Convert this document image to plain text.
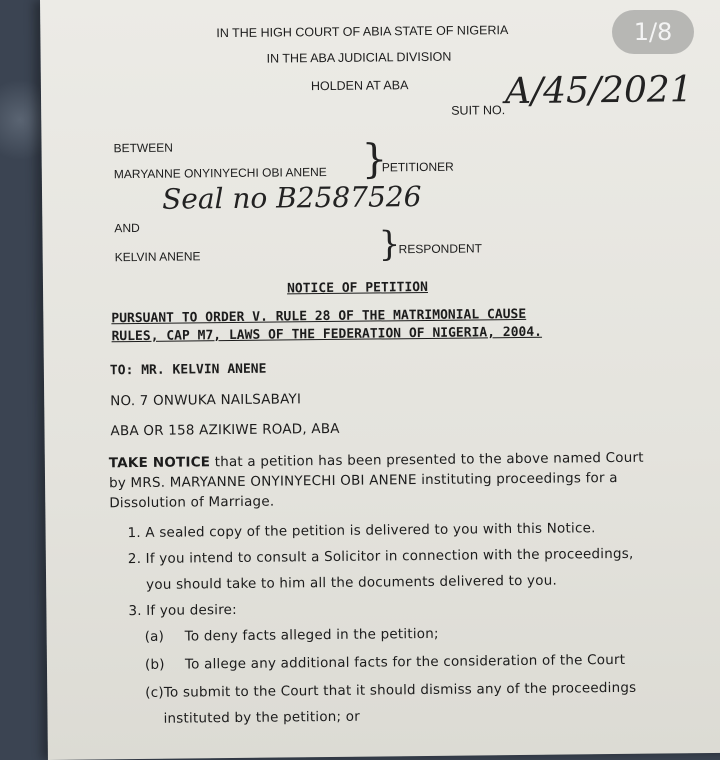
IN THE HIGH COURT OF ABIA STATE OF NIGERIA
IN THE ABA JUDICIAL DIVISION
HOLDEN AT ABA
SUIT NO. A/45/2021
BETWEEN
MARYANNE ONYINYECHI OBI ANENE }
PETITIONER
Seal no B2587526
AND
KELVIN ANENE	}
RESPONDENT
NOTICE OF PETITION
PURSUANT TO ORDER V. RULE 28 OF THE MATRIMONIAL CAUSE
RULES, CAP M7, LAWS OF THE FEDERATION OF NIGERIA, 2004.
TO: MR. KELVIN ANENE
NO. 7 ONWUKA NAILSABAYI
ABA OR 158 AZIKIWE ROAD, ABA
TAKE NOTICE that a petition has been presented to the above named Court
by MRS. MARYANNE ONYINYECHI OBI ANENE instituting proceedings for a
Dissolution of Marriage.
1. A sealed copy of the petition is delivered to you with this Notice.
2. If you intend to consult a Solicitor in connection with the proceedings,
you should take to him all the documents delivered to you.
3. If you desire:
(a) To deny facts alleged in the petition;
(b) To allege any additional facts for the consideration of the Court
(c)To submit to the Court that it should dismiss any of the proceedings
instituted by the petition; or
1/8
